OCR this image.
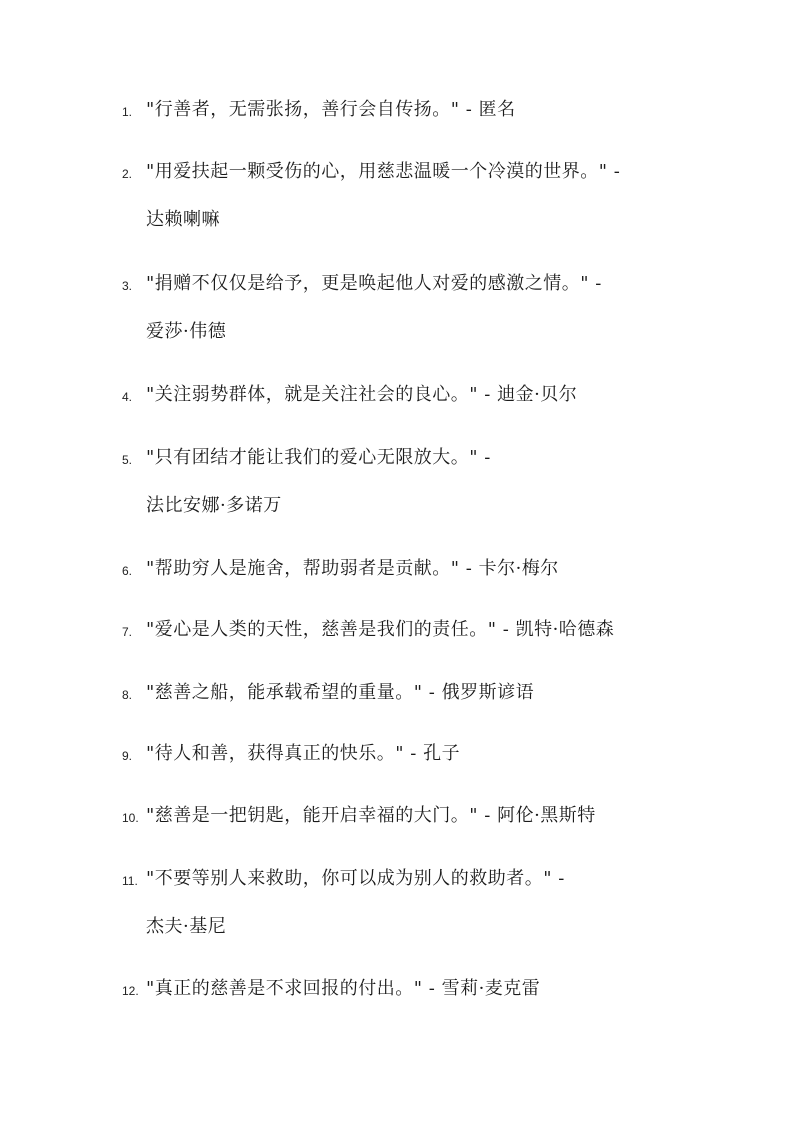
1. "行善者，无需张扬，善行会自传扬。" - 匿名
2. "用爱扶起一颗受伤的心，用慈悲温暖一个冷漠的世界。" -
达赖喇嘛
3. "捐赠不仅仅是给予，更是唤起他人对爱的感激之情。" -
爱莎·伟德
4. "关注弱势群体，就是关注社会的良心。" - 迪金·贝尔
5. "只有团结才能让我们的爱心无限放大。" -
法比安娜·多诺万
6. "帮助穷人是施舍，帮助弱者是贡献。" - 卡尔·梅尔
7. "爱心是人类的天性，慈善是我们的责任。" - 凯特·哈德森
8. "慈善之船，能承载希望的重量。" - 俄罗斯谚语
9. "待人和善，获得真正的快乐。" - 孔子
10. "慈善是一把钥匙，能开启幸福的大门。" - 阿伦·黑斯特
11. "不要等别人来救助，你可以成为别人的救助者。" -
杰夫·基尼
12. "真正的慈善是不求回报的付出。" - 雪莉·麦克雷
